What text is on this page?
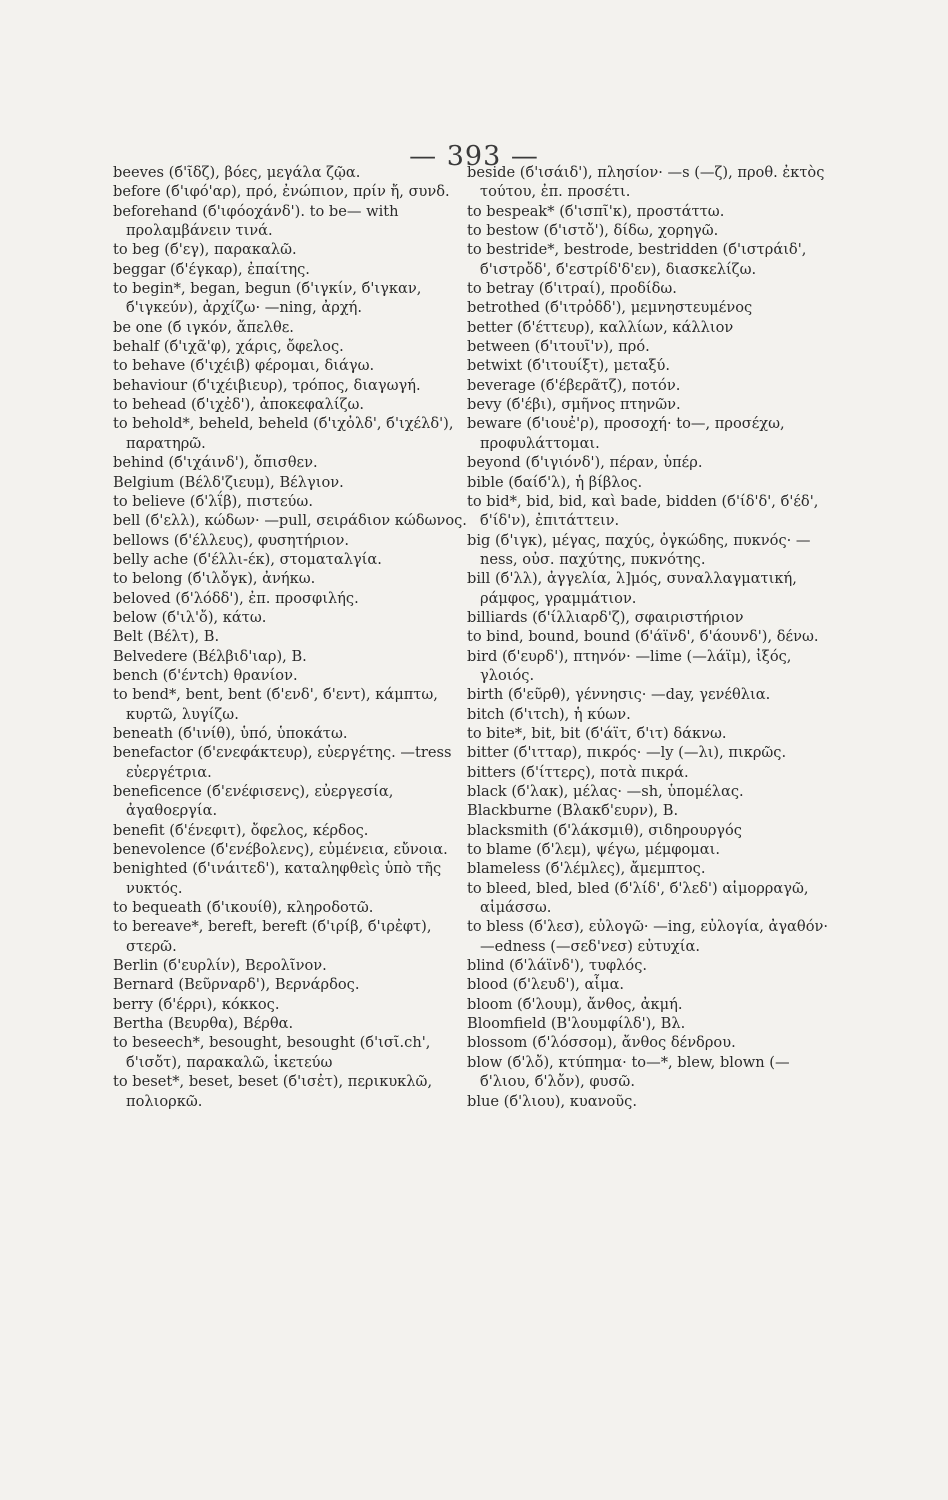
— 393 —

beeves (б'ῖδζ), βόες, μεγάλα ζῷα.

before (б'ιφό'αρ), πρό, ἐνώπιον, πρίν ἤ, συνδ.

beforehand (б'ιφόοχάνδ'). to be— with προλαμβάνειν τινά.

to beg (б'εγ), παρακαλῶ.

beggar (б'έγκαρ), ἐπαίτης.

to begin*, began, begun (б'ιγκίν, б'ιγκαν, б'ιγκεύν), ἀρχίζω· —ning, ἀρχή.

be one (б ιγκόν, ἄπελθε.

behalf (б'ιχᾶ'φ), χάρις, ὄφελος.

to behave (б'ιχέιβ) φέρομαι, διάγω.

behaviour (б'ιχέιβιευρ), τρόπος, διαγωγή.

to behead (б'ιχἐδ'), ἀποκεφαλίζω.

to behold*, beheld, beheld (б'ιχὀλδ', б'ιχέλδ'), παρατηρῶ.

behind (б'ιχάινδ'), ὄπισθεν.

Belgium (Βέλδ'ζιευμ), Βέλγιον.

to believe (б'λΐβ), πιστεύω.

bell (б'ελλ), κώδων· —pull, σειράδιον κώδωνος.

bellows (б'έλλευς), φυσητήριον.

belly ache (б'έλλι-έκ), στοματαλγία.

to belong (б'ιλὄγκ), ἀνήκω.

beloved (б'λόδδ'), ἐπ. προσφιλής.

below (б'ιλ'ὄ), κάτω.

Belt (Βέλτ), Β.

Belvedere (Βέλβιδ'ιαρ), Β.

bench (б'έντch) θρανίον.

to bend*, bent, bent (б'ενδ', б'εντ), κάμπτω, κυρτῶ, λυγίζω.

beneath (б'ινίθ), ὑπό, ὑποκάτω.

benefactor (б'ενεφάκτευρ), εὐεργέτης. —tress εὐεργέτρια.

beneficence (б'ενέφισενς), εὐεργεσία, ἀγαθοεργία.

benefit (б'ένεφιτ), ὄφελος, κέρδος.

benevolence (б'ενέβολενς), εὐμένεια, εὔνοια.

benighted (б'ινάιτεδ'), καταληφθεὶς ὑπὸ τῆς νυκτός.

to bequeath (б'ικουίθ), κληροδοτῶ.

to bereave*, bereft, bereft (б'ιρίβ, б'ιρἐφτ), στερῶ.

Berlin (б'ευρλίν), Βερολῖνον.

Bernard (Βεῦρναρδ'), Βερνάρδος.

berry (б'έρρι), κόκκος.

Bertha (Βευρθα), Βέρθα.

to beseech*, besought, besought (б'ισῖ.ch', б'ισὄτ), παρακαλῶ, ἱκετεύω

to beset*, beset, beset (б'ισἐτ), περικυκλῶ, πολιορκῶ.

beside (б'ισάιδ'), πλησίον· —s (—ζ), προθ. ἐκτὸς τούτου, ἐπ. προσέτι.

to bespeak* (б'ισπῖ'κ), προστάττω.

to bestow (б'ιστὄ'), δίδω, χορηγῶ.

to bestride*, bestrode, bestridden (б'ιστράιδ', б'ιστρὄδ', б'εστρίδ'δ'εν), διασκελίζω.

to betray (б'ιτραί), προδίδω.

betrothed (б'ιτρὀδδ'), μεμνηστευμένος

better (б'έττευρ), καλλίων, κάλλιον

between (б'ιτουῖ'ν), πρό.

betwixt (б'ιτουίξτ), μεταξύ.

beverage (б'έβερᾶτζ), ποτόν.

bevy (б'έβι), σμῆνος πτηνῶν.

beware (б'ιουἐ'ρ), προσοχή· to—, προσέχω, προφυλάττομαι.

beyond (б'ιγιόνδ'), πέραν, ὑπέρ.

bible (бαίб'λ), ἡ βίβλος.

to bid*, bid, bid, καὶ bade, bidden (б'ίδ'δ', б'έδ', б'ίδ'ν), ἐπιτάττειν.

big (б'ιγκ), μέγας, παχύς, ὀγκώδης, πυκνός· —ness, οὐσ. παχύτης, πυκνότης.

bill (б'λλ), ἀγγελία, λ]μός, συναλλαγματική, ράμφος, γραμμάτιον.

billiards (б'ίλλιαρδ'ζ), σφαιριστήριον

to bind, bound, bound (б'άϊνδ', б'άουνδ'), δένω.

bird (б'ευρδ'), πτηνόν· —lime (—λάϊμ), ἰξός, γλοιός.

birth (б'εῦρθ), γέννησις· —day, γενέθλια.

bitch (б'ιτch), ἡ κύων.

to bite*, bit, bit (б'άϊτ, б'ιτ) δάκνω.

bitter (б'ιτταρ), πικρός· —ly (—λι), πικρῶς.

bitters (б'ίττερς), ποτὰ πικρά.

black (б'λακ), μέλας· —sh, ὑπομέλας.

Blackburne (Βλακб'ευρν), Β.

blacksmith (б'λάκσμιθ), σιδηρουργός

to blame (б'λεμ), ψέγω, μέμφομαι.

blameless (б'λέμλες), ἄμεμπτος.

to bleed, bled, bled (б'λίδ', б'λεδ') αἱμορραγῶ, αἱμάσσω.

to bless (б'λεσ), εὐλογῶ· —ing, εὐλογία, ἀγαθόν· —edness (—σεδ'νεσ) εὐτυχία.

blind (б'λάϊνδ'), τυφλός.

blood (б'λευδ'), αἷμα.

bloom (б'λουμ), ἄνθος, ἀκμή.

Bloomfield (Β'λουμφίλδ'), Βλ.

blossom (б'λόσσομ), ἄνθος δένδρου.

blow (б'λὄ), κτύπημα· to—*, blew, blown (—б'λιου, б'λὄν), φυσῶ.

blue (б'λιου), κυανοῦς.
